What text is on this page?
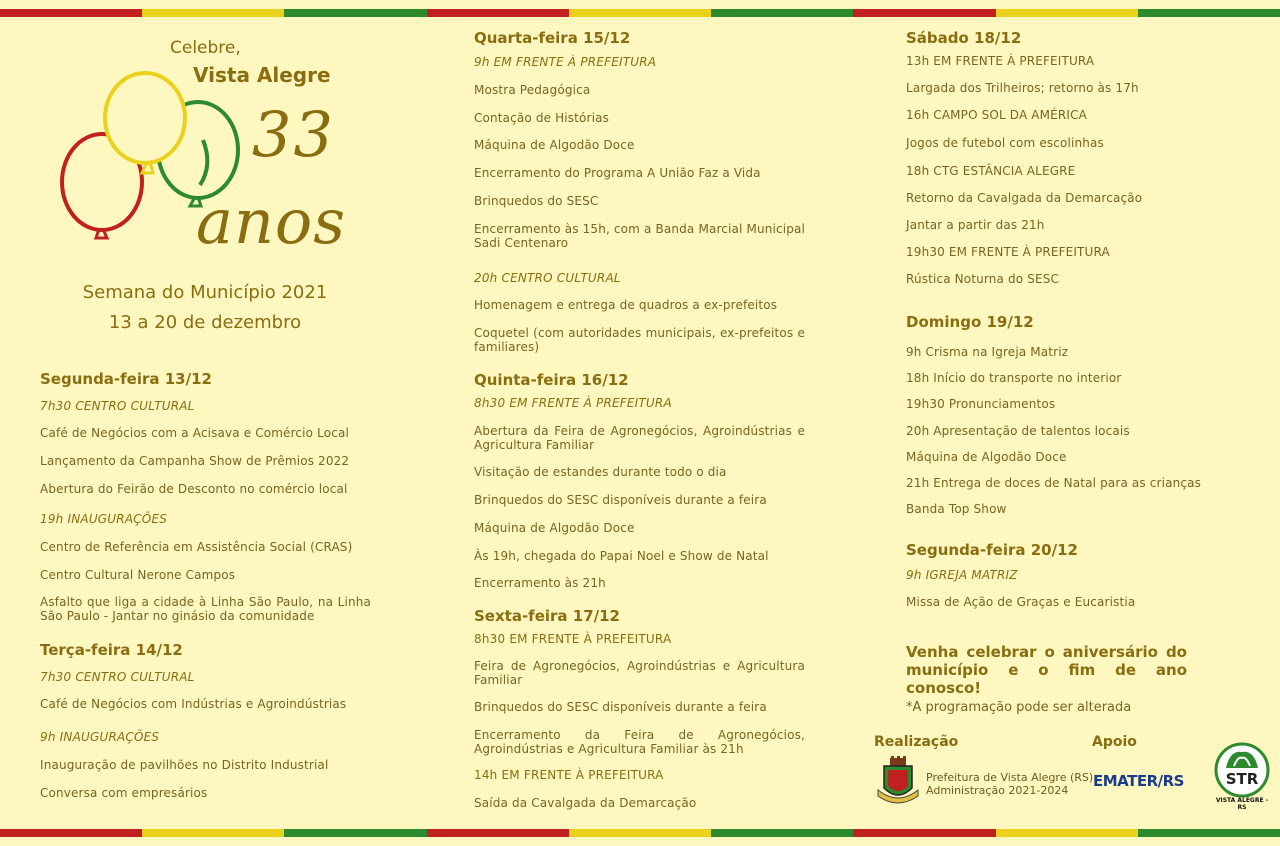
Celebre,
Vista Alegre
33
anos
Semana do Município 2021
13 a 20 de dezembro
Segunda-feira 13/12
7h30 CENTRO CULTURAL
Café de Negócios com a Acisava e Comércio Local
Lançamento da Campanha Show de Prêmios 2022
Abertura do Feirão de Desconto no comércio local
19h INAUGURAÇÕES
Centro de Referência em Assistência Social (CRAS)
Centro Cultural Nerone Campos
Asfalto que liga a cidade à Linha São Paulo, na Linha São Paulo - Jantar no ginásio da comunidade
Terça-feira 14/12
7h30 CENTRO CULTURAL
Café de Negócios com Indústrias e Agroindústrias
9h INAUGURAÇÕES
Inauguração de pavilhões no Distrito Industrial
Conversa com empresários
Quarta-feira 15/12
9h EM FRENTE À PREFEITURA
Mostra Pedagógica
Contação de Histórias
Máquina de Algodão Doce
Encerramento do Programa A União Faz a Vida
Brinquedos do SESC
Encerramento às 15h, com a Banda Marcial Municipal Sadi Centenaro
20h CENTRO CULTURAL
Homenagem e entrega de quadros a ex-prefeitos
Coquetel (com autoridades municipais, ex-prefeitos e familiares)
Quinta-feira 16/12
8h30 EM FRENTE À PREFEITURA
Abertura da Feira de Agronegócios, Agroindústrias e Agricultura Familiar
Visitação de estandes durante todo o dia
Brinquedos do SESC disponíveis durante a feira
Máquina de Algodão Doce
Às 19h, chegada do Papai Noel e Show de Natal
Encerramento às 21h
Sexta-feira 17/12
8h30 EM FRENTE À PREFEITURA
Feira de Agronegócios, Agroindústrias e Agricultura Familiar
Brinquedos do SESC disponíveis durante a feira
Encerramento da Feira de Agronegócios, Agroindústrias e Agricultura Familiar às 21h
14h EM FRENTE À PREFEITURA
Saída da Cavalgada da Demarcação
Sábado 18/12
13h EM FRENTE À PREFEITURA
Largada dos Trilheiros; retorno às 17h
16h CAMPO SOL DA AMÉRICA
Jogos de futebol com escolinhas
18h CTG ESTÂNCIA ALEGRE
Retorno da Cavalgada da Demarcação
Jantar a partir das 21h
19h30 EM FRENTE À PREFEITURA
Rústica Noturna do SESC
Domingo 19/12
9h Crisma na Igreja Matriz
18h Início do transporte no interior
19h30 Pronunciamentos
20h Apresentação de talentos locais
Máquina de Algodão Doce
21h Entrega de doces de Natal para as crianças
Banda Top Show
Segunda-feira 20/12
9h IGREJA MATRIZ
Missa de Ação de Graças e Eucaristia
Venha celebrar o aniversário do município e o fim de ano conosco!
*A programação pode ser alterada
Realização	Apoio
Prefeitura de Vista Alegre (RS)
Administração 2021-2024
EMATER/RS	STR
VISTA ALEGRE - RS
